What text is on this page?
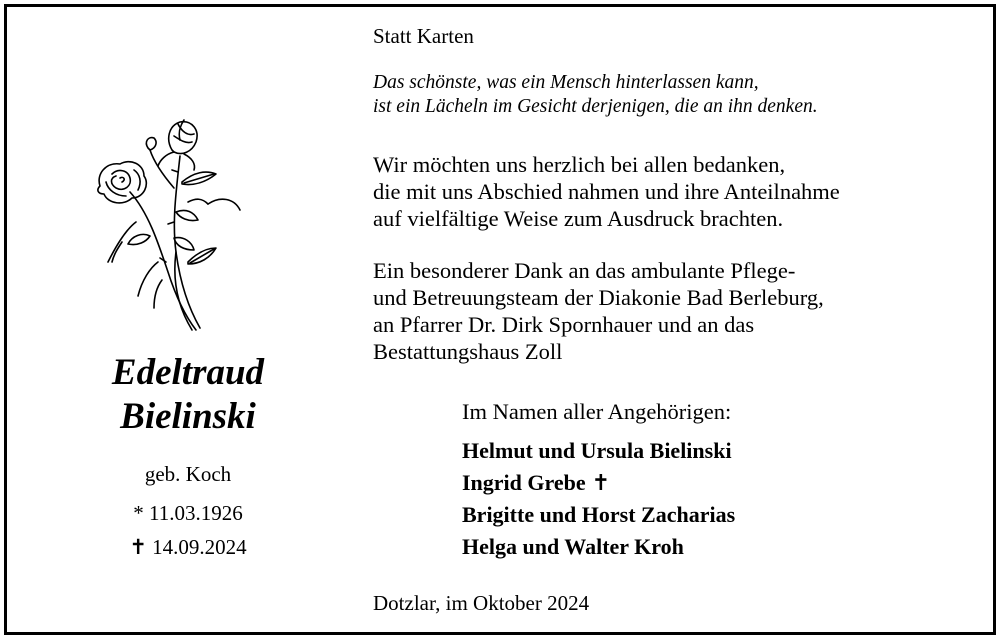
Edeltraud
Bielinski
geb. Koch
* 11.03.1926
✝ 14.09.2024
Statt Karten
Das schönste, was ein Mensch hinterlassen kann,
ist ein Lächeln im Gesicht derjenigen, die an ihn denken.
Wir möchten uns herzlich bei allen bedanken,
die mit uns Abschied nahmen und ihre Anteilnahme
auf vielfältige Weise zum Ausdruck brachten.
Ein besonderer Dank an das ambulante Pflege-
und Betreuungsteam der Diakonie Bad Berleburg,
an Pfarrer Dr. Dirk Spornhauer und an das
Bestattungshaus Zoll
Im Namen aller Angehörigen:
Helmut und Ursula Bielinski
Ingrid Grebe ✝
Brigitte und Horst Zacharias
Helga und Walter Kroh
Dotzlar, im Oktober 2024
